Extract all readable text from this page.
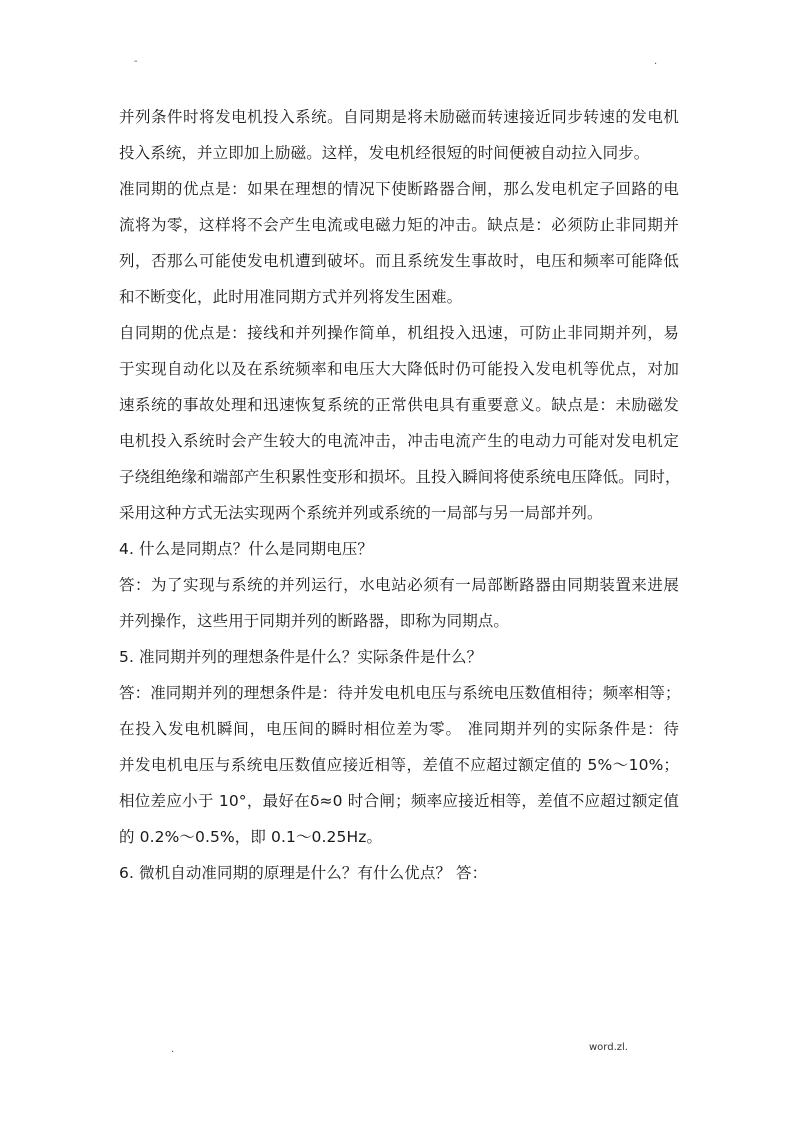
-	.
并列条件时将发电机投入系统。自同期是将未励磁而转速接近同步转速的发电机
投入系统，并立即加上励磁。这样，发电机经很短的时间便被自动拉入同步。
准同期的优点是：如果在理想的情况下使断路器合闸，那么发电机定子回路的电
流将为零，这样将不会产生电流或电磁力矩的冲击。缺点是：必须防止非同期并
列，否那么可能使发电机遭到破坏。而且系统发生事故时，电压和频率可能降低
和不断变化，此时用准同期方式并列将发生困难。
自同期的优点是：接线和并列操作简单，机组投入迅速，可防止非同期并列，易
于实现自动化以及在系统频率和电压大大降低时仍可能投入发电机等优点，对加
速系统的事故处理和迅速恢复系统的正常供电具有重要意义。缺点是：未励磁发
电机投入系统时会产生较大的电流冲击，冲击电流产生的电动力可能对发电机定
子绕组绝缘和端部产生积累性变形和损坏。且投入瞬间将使系统电压降低。同时，
采用这种方式无法实现两个系统并列或系统的一局部与另一局部并列。
4. 什么是同期点？什么是同期电压？
答：为了实现与系统的并列运行，水电站必须有一局部断路器由同期装置来进展
并列操作，这些用于同期并列的断路器，即称为同期点。
5. 准同期并列的理想条件是什么？实际条件是什么？
答：准同期并列的理想条件是：待并发电机电压与系统电压数值相待；频率相等；
在投入发电机瞬间，电压间的瞬时相位差为零。 准同期并列的实际条件是：待
并发电机电压与系统电压数值应接近相等，差值不应超过额定值的 5%～10%；
相位差应小于 10°，最好在δ≈0 时合闸；频率应接近相等，差值不应超过额定值
的 0.2%～0.5%，即 0.1～0.25Hz。
6. 微机自动准同期的原理是什么？有什么优点？ 答：
.	word.zl.
